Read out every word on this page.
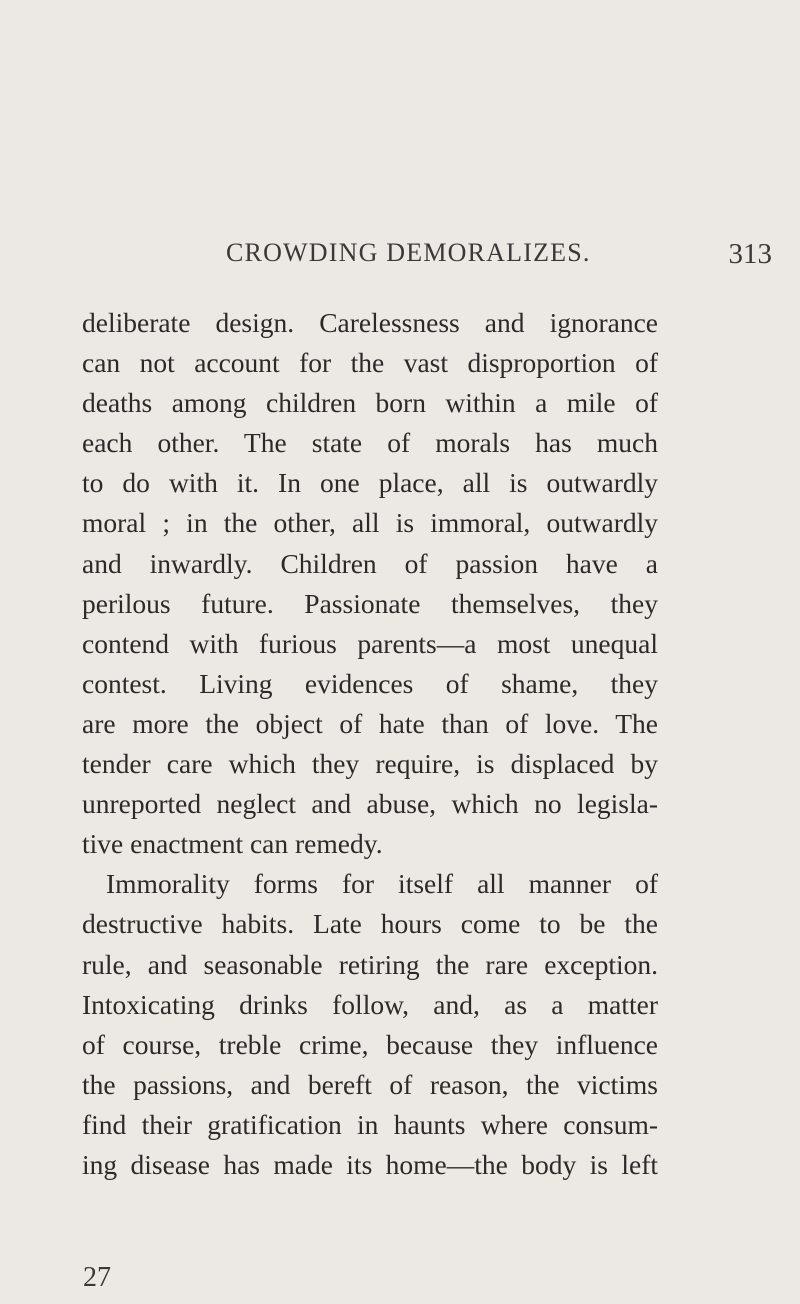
CROWDING DEMORALIZES.	313
deliberate design. Carelessness and ignorance
can not account for the vast disproportion of
deaths among children born within a mile of
each other. The state of morals has much
to do with it. In one place, all is outwardly
moral ; in the other, all is immoral, outwardly
and inwardly. Children of passion have a
perilous future. Passionate themselves, they
contend with furious parents—a most unequal
contest. Living evidences of shame, they
are more the object of hate than of love. The
tender care which they require, is displaced by
unreported neglect and abuse, which no legisla-
tive enactment can remedy.
Immorality forms for itself all manner of
destructive habits. Late hours come to be the
rule, and seasonable retiring the rare exception.
Intoxicating drinks follow, and, as a matter
of course, treble crime, because they influence
the passions, and bereft of reason, the victims
find their gratification in haunts where consum-
ing disease has made its home—the body is left
27
